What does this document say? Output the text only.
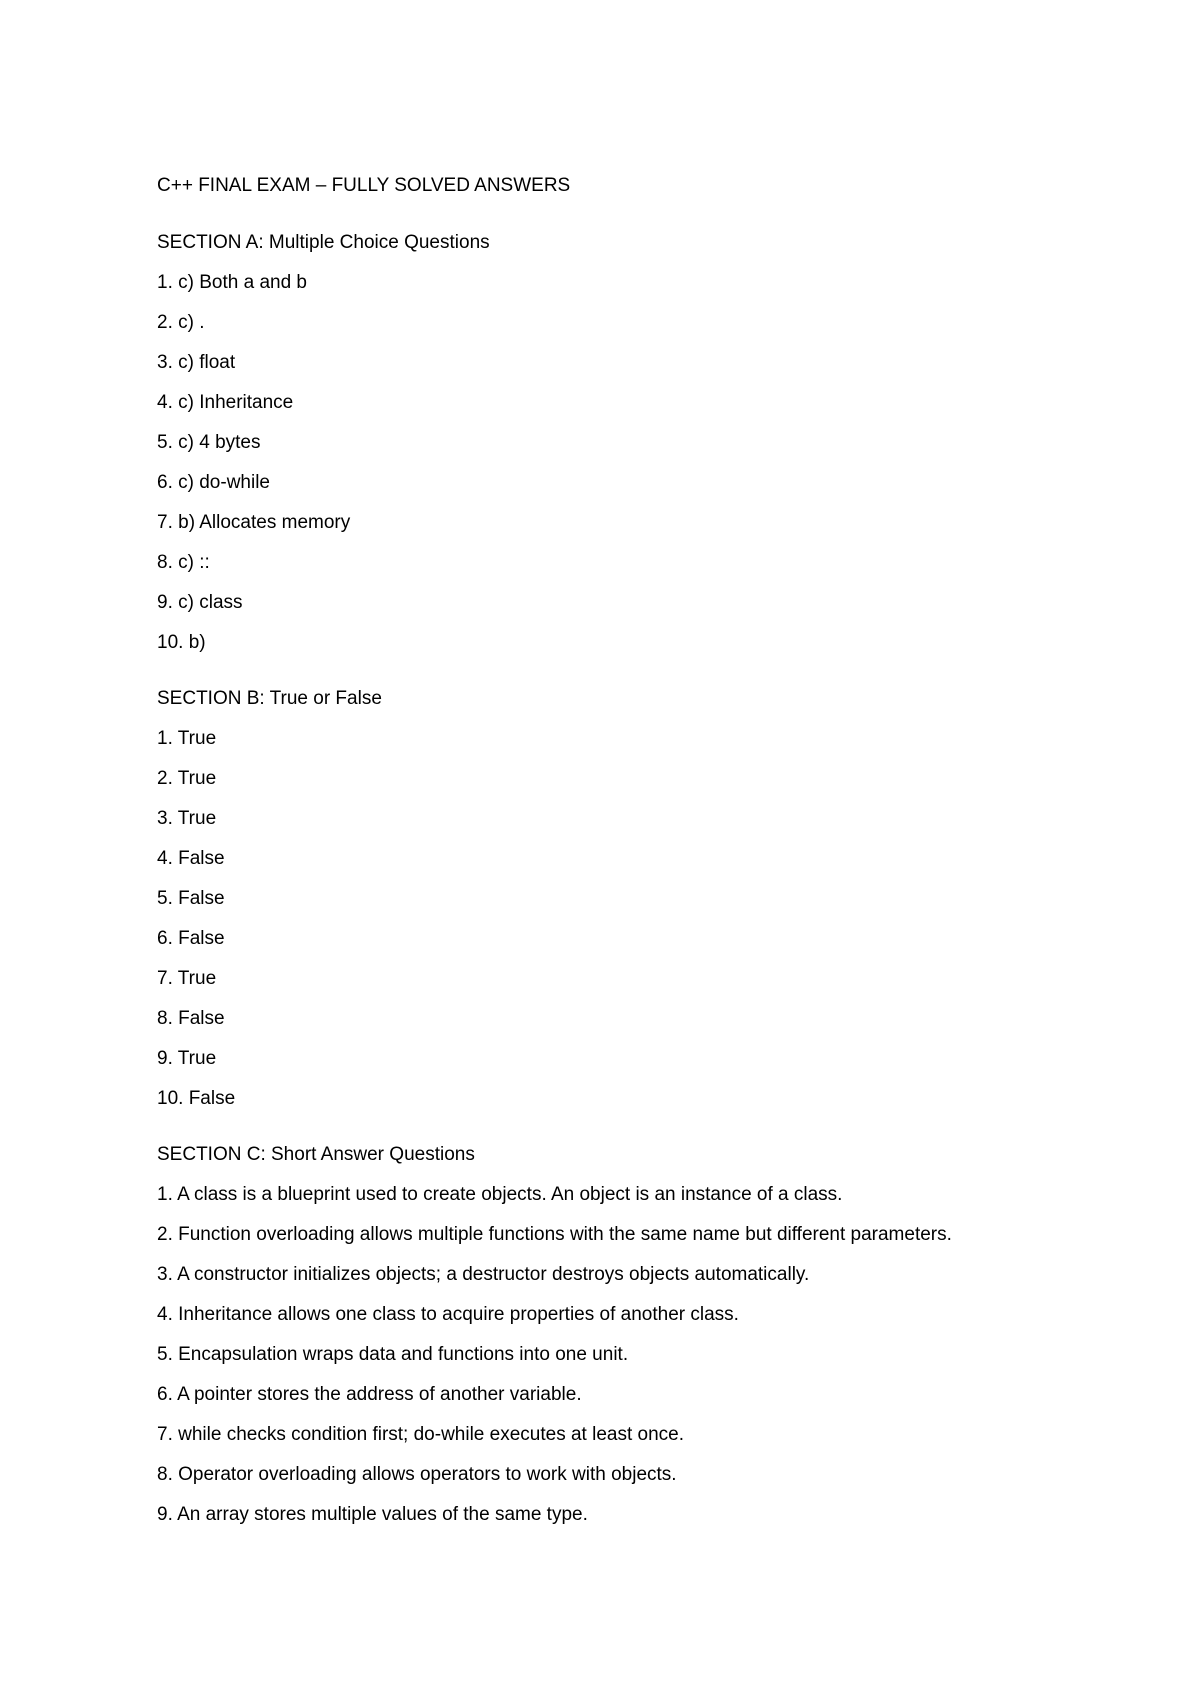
C++ FINAL EXAM – FULLY SOLVED ANSWERS
SECTION A: Multiple Choice Questions
1. c) Both a and b
2. c) .
3. c) float
4. c) Inheritance
5. c) 4 bytes
6. c) do-while
7. b) Allocates memory
8. c) ::
9. c) class
10. b)
SECTION B: True or False
1. True
2. True
3. True
4. False
5. False
6. False
7. True
8. False
9. True
10. False
SECTION C: Short Answer Questions
1. A class is a blueprint used to create objects. An object is an instance of a class.
2. Function overloading allows multiple functions with the same name but different parameters.
3. A constructor initializes objects; a destructor destroys objects automatically.
4. Inheritance allows one class to acquire properties of another class.
5. Encapsulation wraps data and functions into one unit.
6. A pointer stores the address of another variable.
7. while checks condition first; do-while executes at least once.
8. Operator overloading allows operators to work with objects.
9. An array stores multiple values of the same type.
